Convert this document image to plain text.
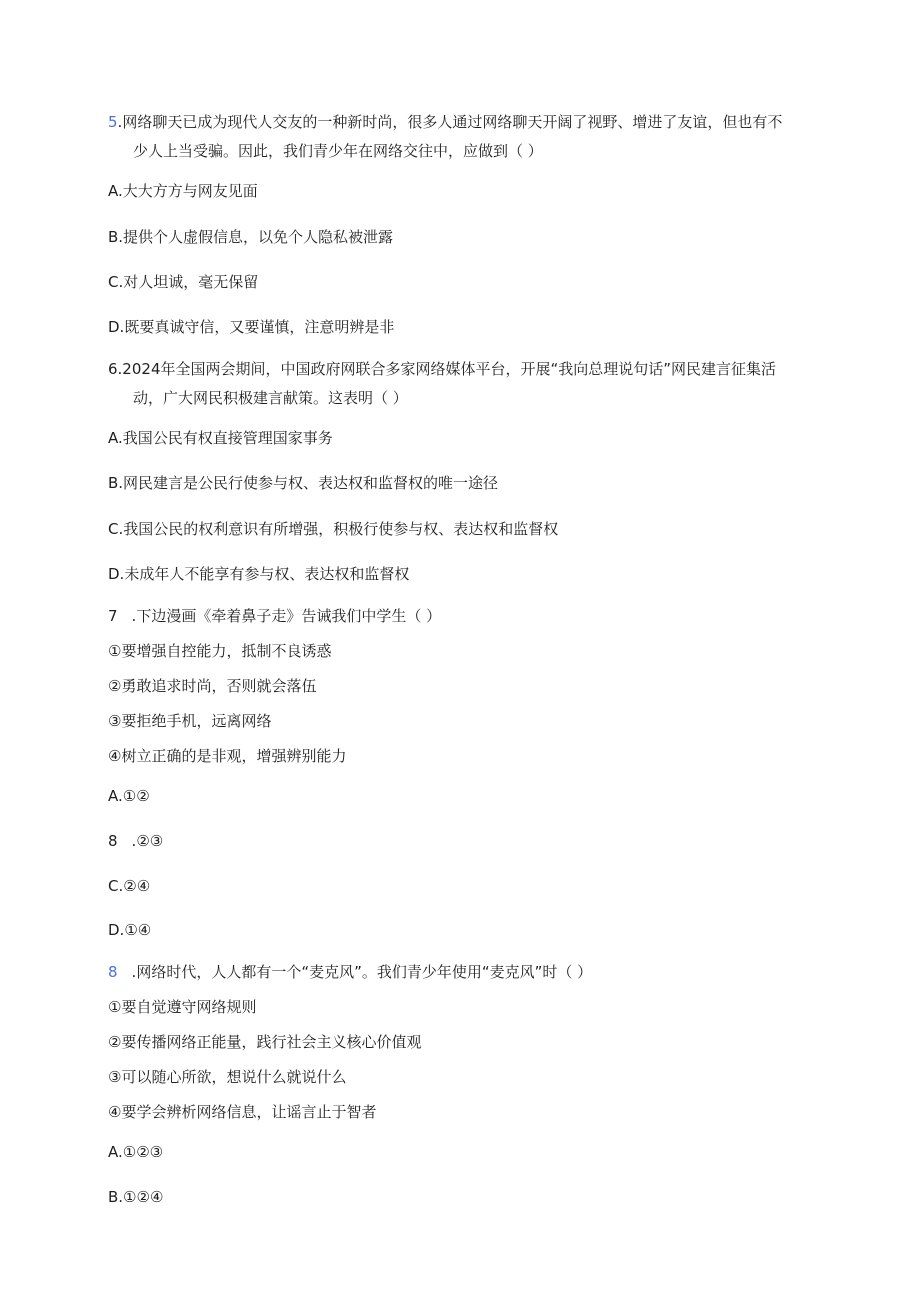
5.网络聊天已成为现代人交友的一种新时尚，很多人通过网络聊天开阔了视野、增进了友谊，但也有不
少人上当受骗。因此，我们青少年在网络交往中，应做到（ ）
A.大大方方与网友见面
B.提供个人虚假信息，以免个人隐私被泄露
C.对人坦诚，毫无保留
D.既要真诚守信，又要谨慎，注意明辨是非
6.2024年全国两会期间，中国政府网联合多家网络媒体平台，开展“我向总理说句话”网民建言征集活
动，广大网民积极建言献策。这表明（ ）
A.我国公民有权直接管理国家事务
B.网民建言是公民行使参与权、表达权和监督权的唯一途径
C.我国公民的权利意识有所增强，积极行使参与权、表达权和监督权
D.未成年人不能享有参与权、表达权和监督权
7 .下边漫画《牵着鼻子走》告诫我们中学生（ ）
①要增强自控能力，抵制不良诱惑
②勇敢追求时尚，否则就会落伍
③要拒绝手机，远离网络
④树立正确的是非观，增强辨别能力
A.①②
8 .②③
C.②④
D.①④
8 .网络时代，人人都有一个“麦克风”。我们青少年使用“麦克风”时（ ）
①要自觉遵守网络规则
②要传播网络正能量，践行社会主义核心价值观
③可以随心所欲，想说什么就说什么
④要学会辨析网络信息，让谣言止于智者
A.①②③
B.①②④
